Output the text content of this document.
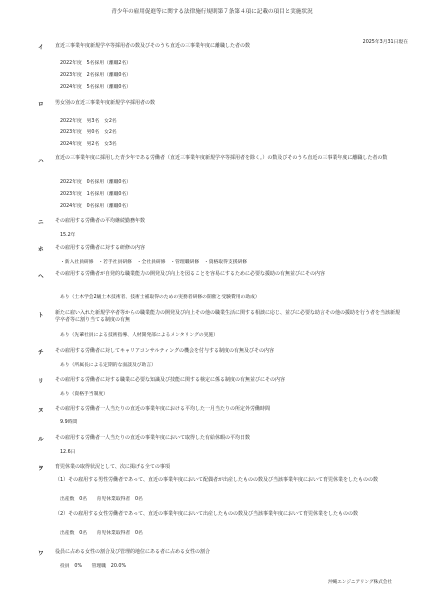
青少年の雇用促進等に関する法律施行規則第７条第４項に記載の項目と実施状況
2025年3月31日現在
イ 直近三事業年度新規学卒等採用者の数及びそのうち直近の三事業年度に離職した者の数
2022年度　5名採用（離職2名）
2023年度　2名採用（離職0名）
2024年度　5名採用（離職0名）
ロ 男女別の直近三事業年度新規学卒採用者の数
2022年度　男3名　女2名
2023年度　男0名　女2名
2024年度　男2名　女3名
ハ
直近の三事業年度に採用した青少年である労働者（直近三事業年度新規学卒等採用者を除く。）の数及びそのうち直近の三事業年度に離職した者の数
2022年度　0名採用（離職0名）
2023年度　1名採用（離職0名）
2024年度　0名採用（離職0名）
ニ その雇用する労働者の平均継続勤務年数
15.2年
ホ その雇用する労働者に対する研修の内容
・新入社員研修　・若手社員研修　・全社員研修　・管理職研修　・資格取得支援研修
ヘ その雇用する労働者が自発的な職業能力の開発及び向上を図ることを容易にするために必要な援助の有無並びにその内容
あり（土木学会2級土木技術者、技術士補取得のための実務者研修の開催と受験費用の助成）
ト 新たに雇い入れた新規学卒者等からの職業能力の開発及び向上その他の職業生活に関する相談に応じ、並びに必要な助言その他の援助を行う者を当該新規学卒者等に割り当てる制度の有無
あり（先輩社員による技術指導、人材開発部によるメンタリングの実施）
チ その雇用する労働者に対してキャリアコンサルティングの機会を付与する制度の有無及びその内容
あり（所属長による定期的な面談及び助言）
リ その雇用する労働者に対する職業に必要な知識及び技能に関する検定に係る制度の有無並びにその内容
あり（資格手当制度）
ヌ その雇用する労働者一人当たりの直近の事業年度における平均した一月当たりの所定外労働時間
9.9時間
ル その雇用する労働者一人当たりの直近の事業年度において取得した有給休暇の平均日数
12.6日
ヲ 育児休業の取得状況として、次に掲げる全ての事項
（1）その雇用する男性労働者であって、直近の事業年度において配偶者が出産したものの数及び当該事業年度において育児休業をしたものの数
出産数　0名　　育児休業取得者　0名
（2）その雇用する女性労働者であって、直近の事業年度において出産したものの数及び当該事業年度において育児休業をしたものの数
出産数　0名　　育児休業取得者　0名
ワ 役員に占める女性の割合及び管理的地位にある者に占める女性の割合
役員　0%　　管理職　20.0%
沖縄エンジニアリング株式会社
